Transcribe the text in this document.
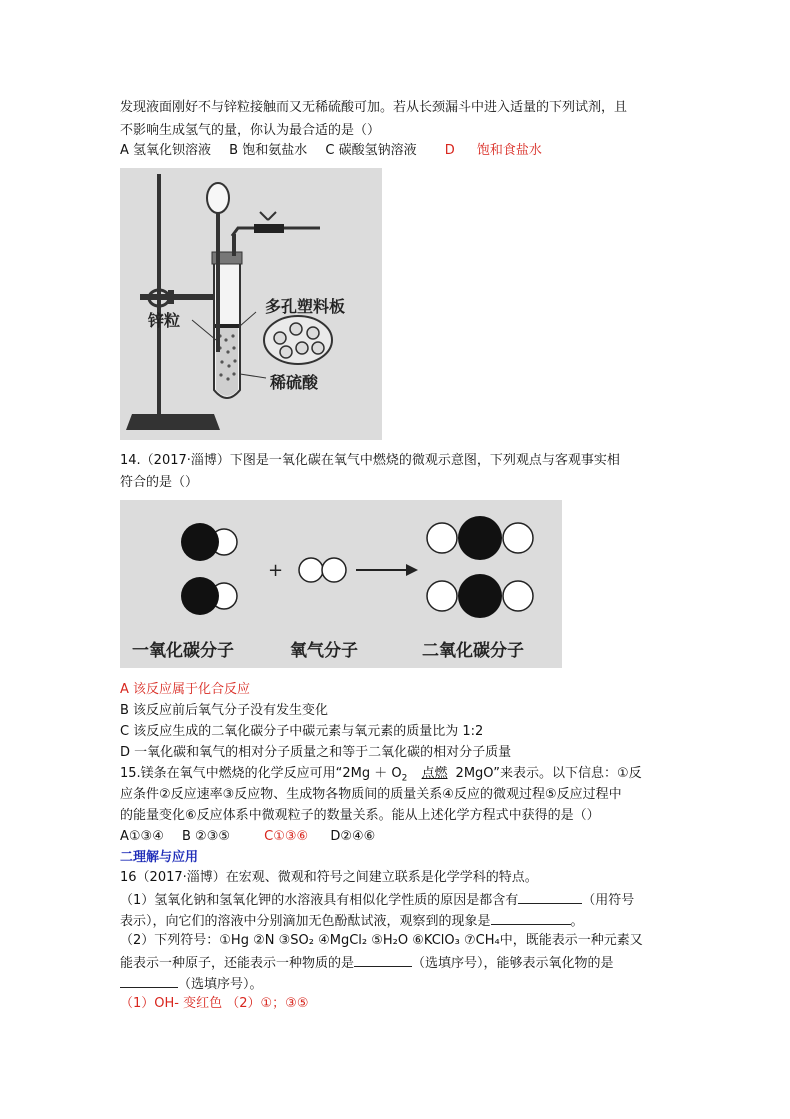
发现液面刚好不与锌粒接触而又无稀硫酸可加。若从长颈漏斗中进入适量的下列试剂，且
不影响生成氢气的量，你认为最合适的是（）
A 氢氧化钡溶液 B 饱和氨盐水 C 碳酸氢钠溶液 D 饱和食盐水
锌粒
多孔塑料板
稀硫酸
14.（2017·淄博）下图是一氧化碳在氧气中燃烧的微观示意图，下列观点与客观事实相
符合的是（）
+
一氧化碳分子	氧气分子	二氧化碳分子
A 该反应属于化合反应
B 该反应前后氧气分子没有发生变化
C 该反应生成的二氧化碳分子中碳元素与氧元素的质量比为 1:2
D 一氧化碳和氧气的相对分子质量之和等于二氧化碳的相对分子质量
15.镁条在氧气中燃烧的化学反应可用“$2Mg + O_2$ 点燃 2MgO”来表示。以下信息：①反
应条件②反应速率③反应物、生成物各物质间的质量关系④反应的微观过程⑤反应过程中
的能量变化⑥反应体系中微观粒子的数量关系。能从上述化学方程式中获得的是（）
A①③④ B ②③⑤	C①③⑥ D②④⑥
二理解与应用
16（2017·淄博）在宏观、微观和符号之间建立联系是化学学科的特点。
（1）氢氧化钠和氢氧化钾的水溶液具有相似化学性质的原因是都含有	（用符号
表示），向它们的溶液中分别滴加无色酚酞试液，观察到的现象是	。
（2）下列符号：①Hg ②N ③SO₂ ④MgCl₂ ⑤H₂O ⑥KClO₃ ⑦CH₄中，既能表示一种元素又
能表示一种原子，还能表示一种物质的是	（选填序号），能够表示氧化物的是
（选填序号）。
（1）OH- 变红色 （2）①；③⑤
